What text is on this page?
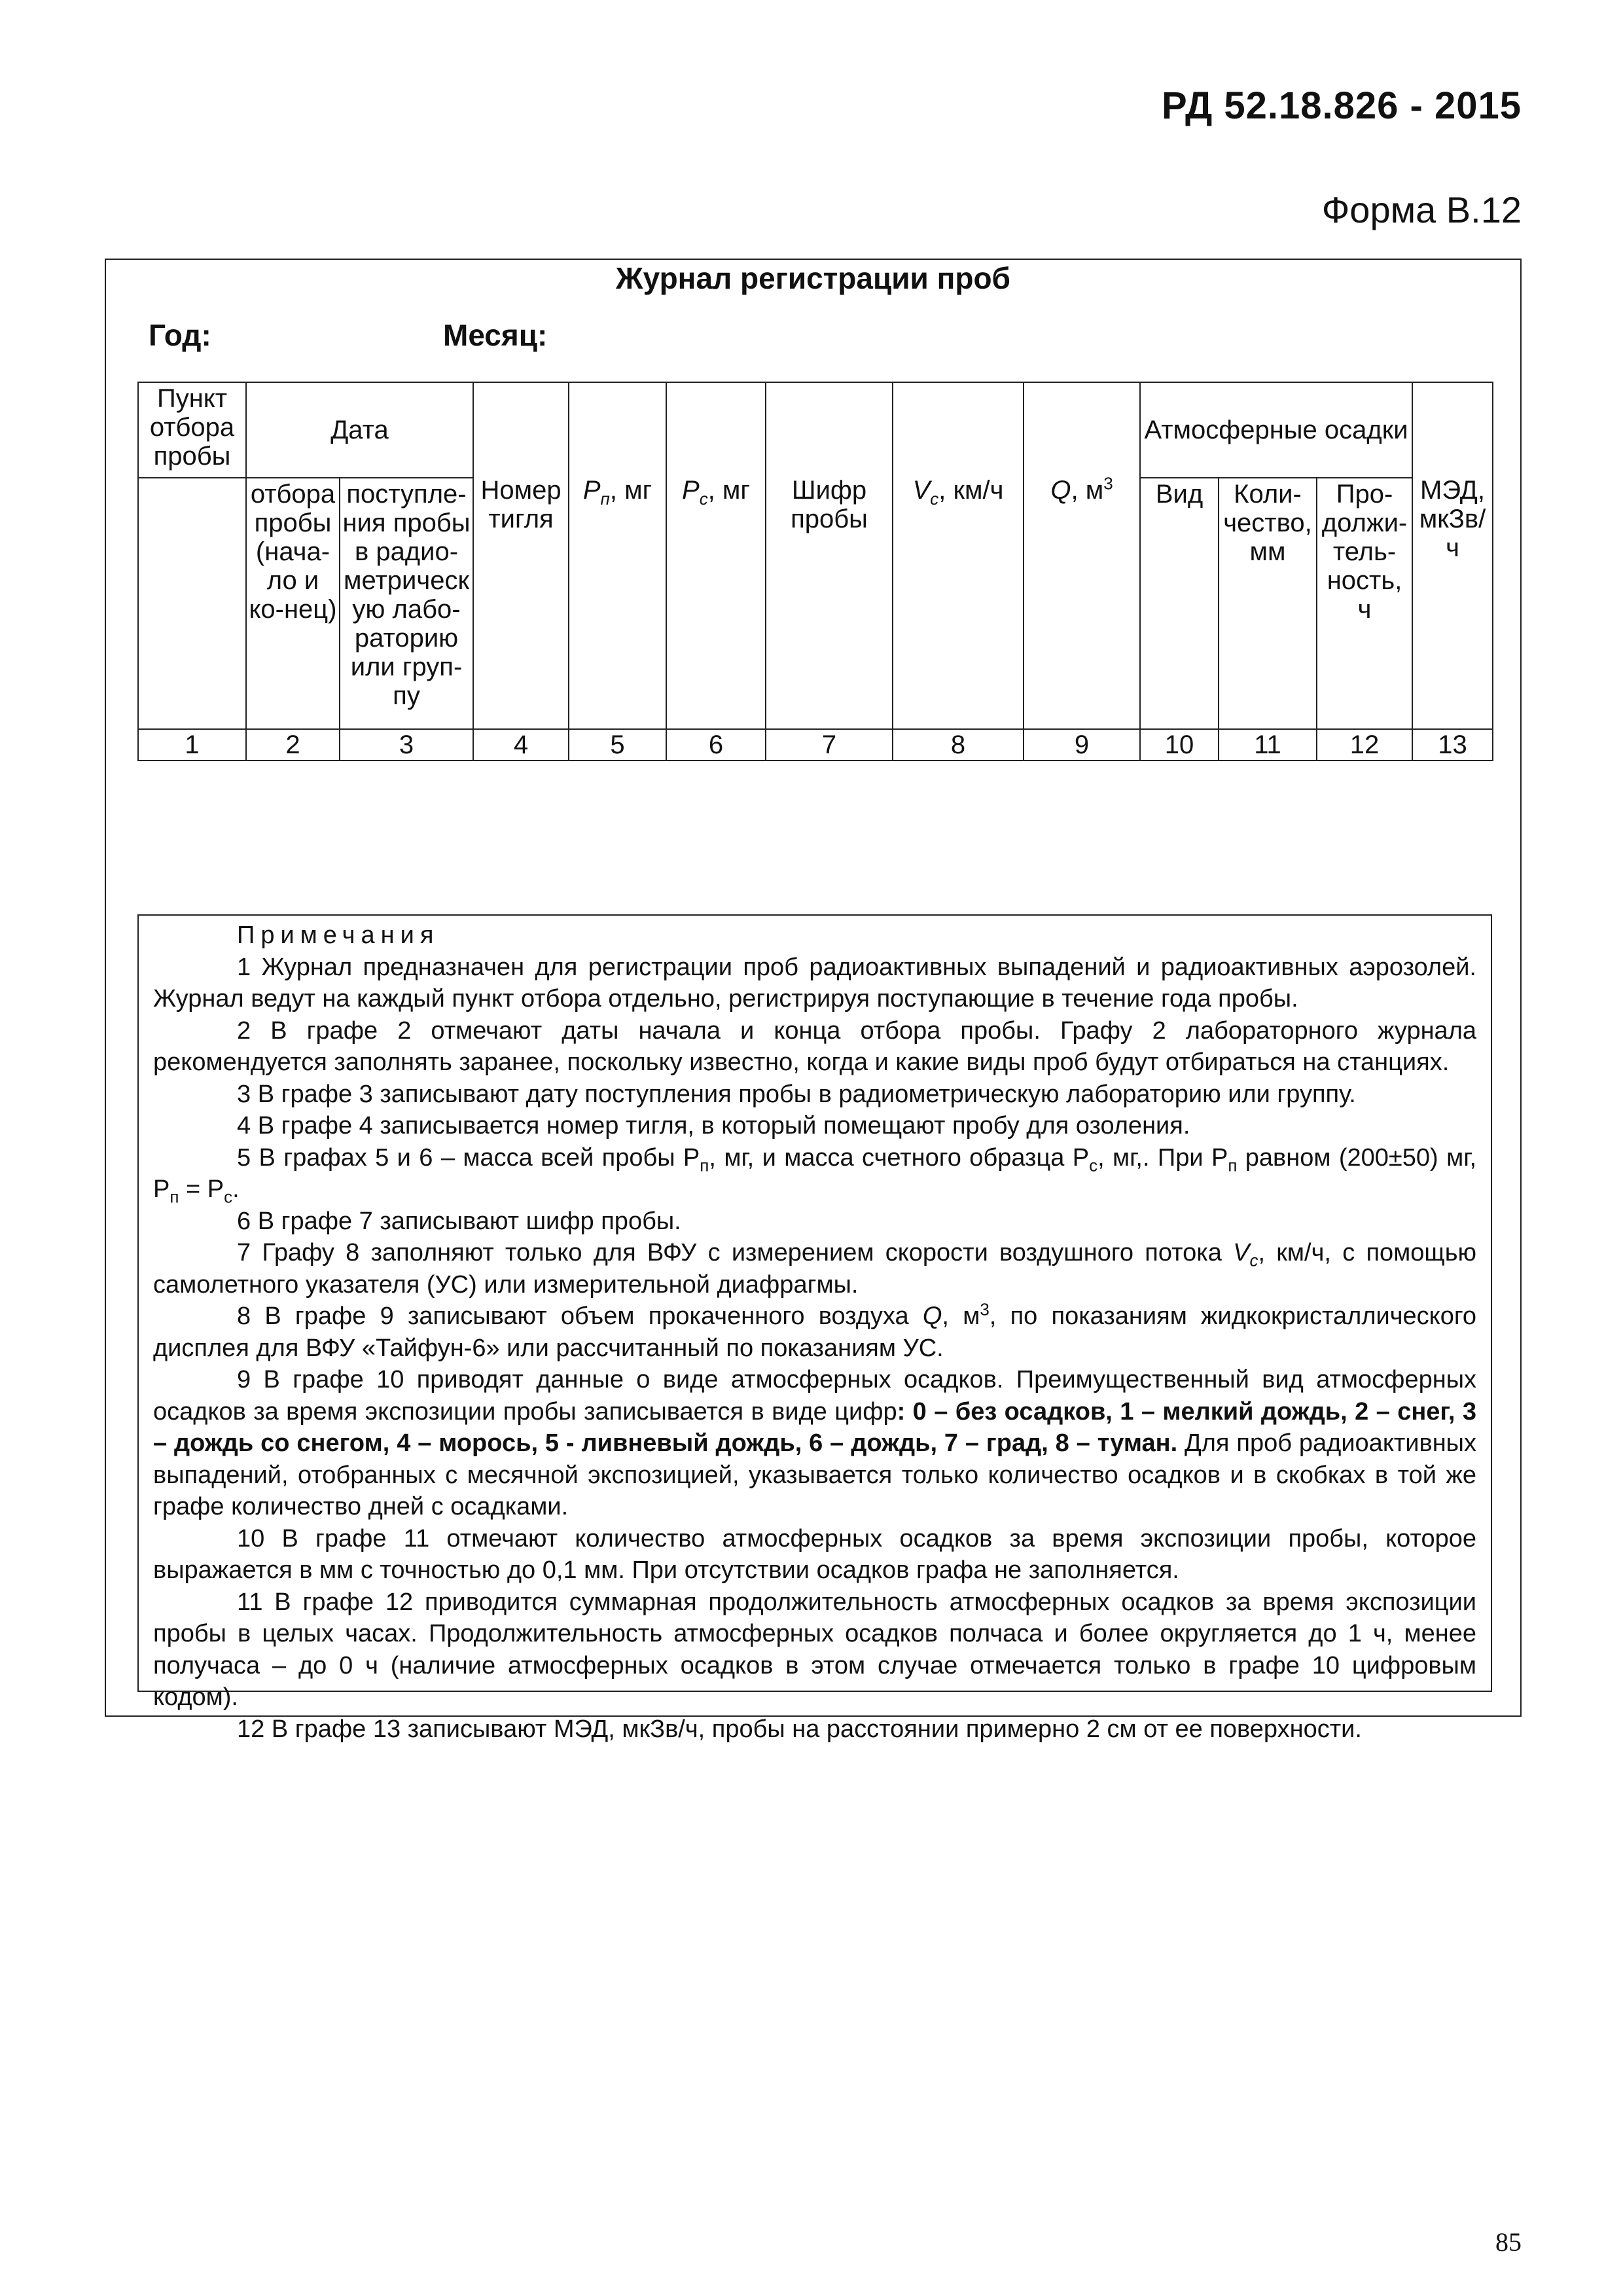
РД 52.18.826 - 2015
Форма В.12
Журнал регистрации проб
Год:	Месяц:
Пункт отбора пробы	Дата		Номер тигля	$P_п$, мг	$P_с$, мг	Шифр пробы	$V_с$, км/ч	Q, $м^3$	Атмосферные осадки			МЭД, мкЗв/ч

	отбора пробы (нача-ло и ко-нец)	поступле-ния пробы в радио-метрическ ую лабо-раторию или груп-пу							Вид	Коли-чество, мм	Про-должи-тель-ность, ч	
1	2	3	4	5	6	7	8	9	10	11	12	13
Примечания

1 Журнал предназначен для регистрации проб радиоактивных выпадений и радиоактивных аэрозолей. Журнал ведут на каждый пункт отбора отдельно, регистрируя поступающие в течение года пробы.

2 В графе 2 отмечают даты начала и конца отбора пробы. Графу 2 лабораторного журнала рекомендуется заполнять заранее, поскольку известно, когда и какие виды проб будут отбираться на станциях.

3 В графе 3 записывают дату поступления пробы в радиометрическую лабораторию или группу.

4 В графе 4 записывается номер тигля, в который помещают пробу для озоления.

5 В графах 5 и 6 – масса всей пробы $P_п$, мг, и масса счетного образца $P_с$, мг,. При $P_п$ равном (200±50) мг, $P_п = P_с$.

6 В графе 7 записывают шифр пробы.

7 Графу 8 заполняют только для ВФУ с измерением скорости воздушного потока $V_с$, км/ч, с помощью самолетного указателя (УС) или измерительной диафрагмы.

8 В графе 9 записывают объем прокаченного воздуха Q, $м^3$, по показаниям жидкокристаллического дисплея для ВФУ «Тайфун-6» или рассчитанный по показаниям УС.

9 В графе 10 приводят данные о виде атмосферных осадков. Преимущественный вид атмосферных осадков за время экспозиции пробы записывается в виде цифр: 0 – без осадков, 1 – мелкий дождь, 2 – снег, 3 – дождь со снегом, 4 – морось, 5 - ливневый дождь, 6 – дождь, 7 – град, 8 – туман. Для проб радиоактивных выпадений, отобранных с месячной экспозицией, указывается только количество осадков и в скобках в той же графе количество дней с осадками.

10 В графе 11 отмечают количество атмосферных осадков за время экспозиции пробы, которое выражается в мм с точностью до 0,1 мм. При отсутствии осадков графа не заполняется.

11 В графе 12 приводится суммарная продолжительность атмосферных осадков за время экспозиции пробы в целых часах. Продолжительность атмосферных осадков полчаса и более округляется до 1 ч, менее получаса – до 0 ч (наличие атмосферных осадков в этом случае отмечается только в графе 10 цифровым кодом).

12 В графе 13 записывают МЭД, мкЗв/ч, пробы на расстоянии примерно 2 см от ее поверхности.

85
